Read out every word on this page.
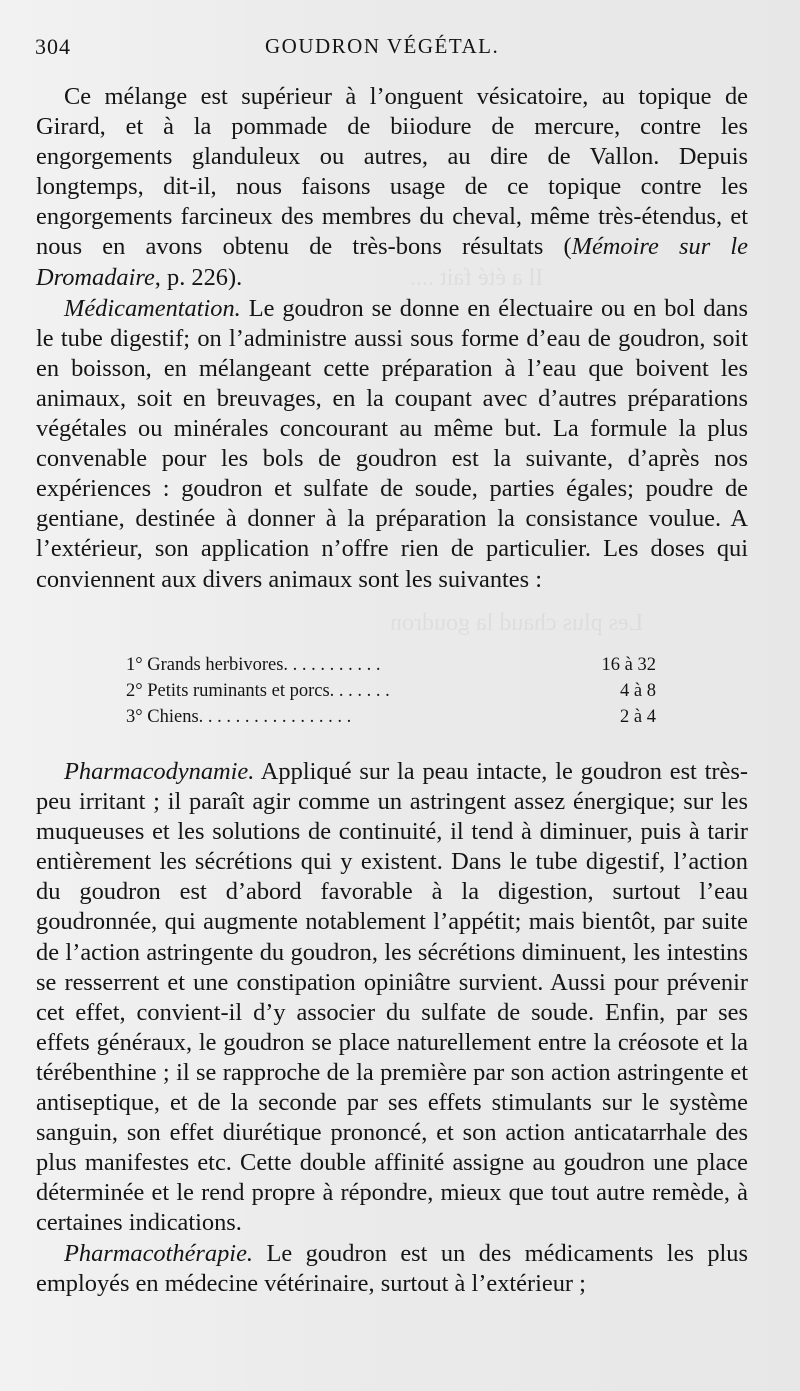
304	GOUDRON VÉGÉTAL.
Il a été fait ....
Les plus chaud la goudron

Ce mélange est supérieur à l’onguent vésicatoire, au topique de Girard, et à la pommade de biiodure de mercure, contre les engorgements glanduleux ou autres, au dire de Vallon. Depuis longtemps, dit-il, nous faisons usage de ce topique contre les engorgements farcineux des membres du cheval, même très-étendus, et nous en avons obtenu de très-bons résultats (Mémoire sur le Dromadaire, p. 226).

Médicamentation. Le goudron se donne en électuaire ou en bol dans le tube digestif; on l’administre aussi sous forme d’eau de goudron, soit en boisson, en mélangeant cette préparation à l’eau que boivent les animaux, soit en breuvages, en la coupant avec d’autres préparations végétales ou minérales concourant au même but. La formule la plus convenable pour les bols de goudron est la suivante, d’après nos expériences : goudron et sulfate de soude, parties égales; poudre de gentiane, destinée à donner à la préparation la consistance voulue. A l’extérieur, son application n’offre rien de particulier. Les doses qui conviennent aux divers animaux sont les suivantes :

1° Grands herbivores. . . . . . . . . . .	16 à 32
2° Petits ruminants et porcs. . . . . . .	4 à 8
3° Chiens. . . . . . . . . . . . . . . . .	2 à 4

Pharmacodynamie. Appliqué sur la peau intacte, le goudron est très-peu irritant ; il paraît agir comme un astringent assez énergique; sur les muqueuses et les solutions de continuité, il tend à diminuer, puis à tarir entièrement les sécrétions qui y existent. Dans le tube digestif, l’action du goudron est d’abord favorable à la digestion, surtout l’eau goudronnée, qui augmente notablement l’appétit; mais bientôt, par suite de l’action astringente du goudron, les sécrétions diminuent, les intestins se resserrent et une constipation opiniâtre survient. Aussi pour prévenir cet effet, convient-il d’y associer du sulfate de soude. Enfin, par ses effets généraux, le goudron se place naturellement entre la créosote et la térébenthine ; il se rapproche de la première par son action astringente et antiseptique, et de la seconde par ses effets stimulants sur le système sanguin, son effet diurétique prononcé, et son action anticatarrhale des plus manifestes etc. Cette double affinité assigne au goudron une place déterminée et le rend propre à répondre, mieux que tout autre remède, à certaines indications.

Pharmacothérapie. Le goudron est un des médicaments les plus employés en médecine vétérinaire, surtout à l’extérieur ;
